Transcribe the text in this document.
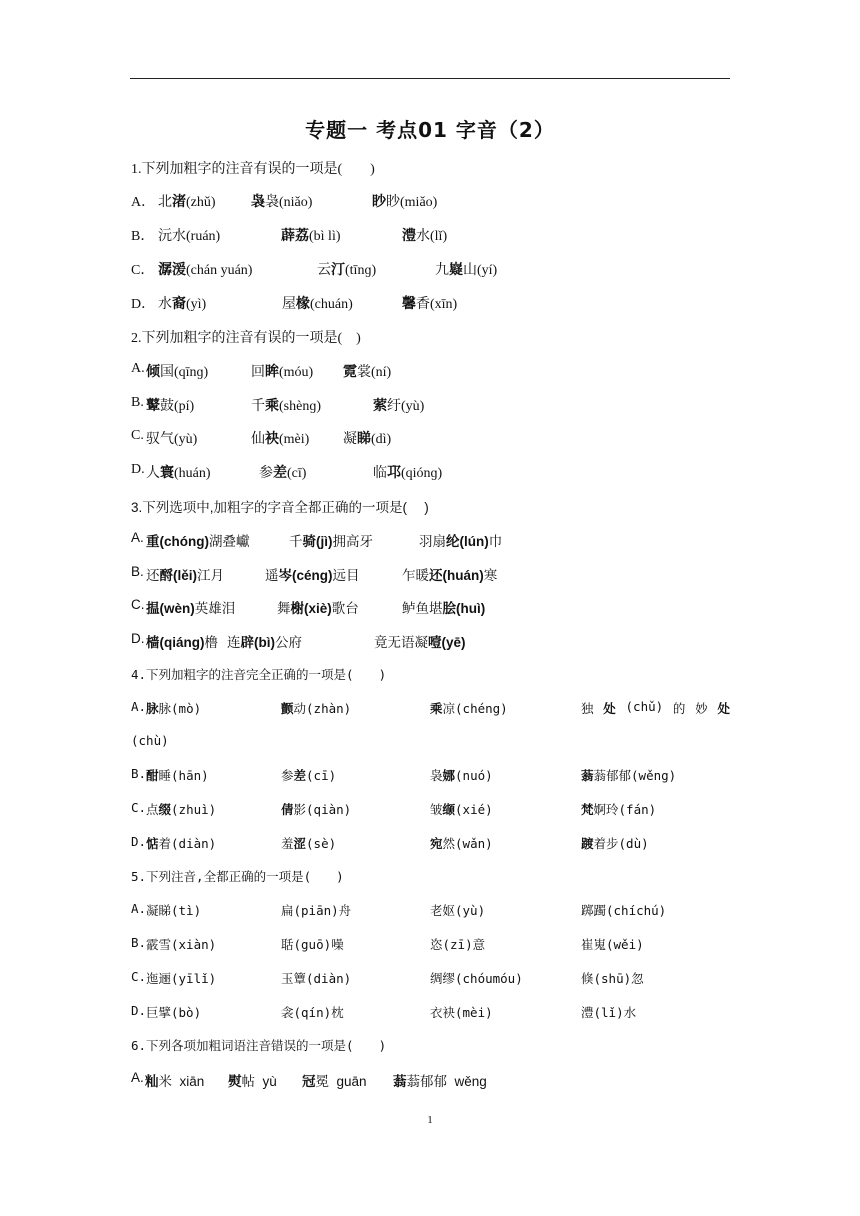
专题一 考点01 字音（2）
1.下列加粗字的注音有误的一项是(　　)
A． 北渚(zhǔ)	袅袅(niǎo)	眇眇(miǎo)
B． 沅水(ruán)	薜荔(bì lì)	澧水(lǐ)
C． 潺湲(chán yuán)	云汀(tīnɡ)	九嶷山(yí)
D． 水裔(yì)	屋椽(chuán)	馨香(xīn)
2.下列加粗字的注音有误的一项是(　)
A. 倾国(qīnɡ)	回眸(móu) 霓裳(ní)
B. 鼙鼓(pí)	千乘(shènɡ)	萦纡(yù)
C. 驭气(yù)	仙袂(mèi) 凝睇(dì)
D. 人寰(huán)	参差(cī)	临邛(qiónɡ)
3.下列选项中,加粗字的字音全都正确的一项是(　 )
A. 重(chóng)湖叠巘	千骑(jì)拥高牙	羽扇纶(lún)巾
B. 还酹(lěi)江月	遥岑(céng)远目	乍暖还(huán)寒
C. 揾(wèn)英雄泪	舞榭(xiè)歌台	鲈鱼堪脍(huì)
D. 樯(qiáng)橹 连辟(bì)公府	竟无语凝噎(yē)
4.下列加粗字的注音完全正确的一项是(　　)
A. 脉脉(mò)	颤动(zhàn)	乘凉(chéng)	独 处 (chǔ) 的 妙 处
(chù)
B. 酣睡(hān)	参差(cī)	袅娜(nuó)	蓊蓊郁郁(wěng)
C. 点缀(zhuì)	倩影(qiàn)	皱缬(xié)	梵婀玲(fán)
D. 惦着(diàn)	羞涩(sè)	宛然(wǎn)	踱着步(dù)
5.下列注音,全都正确的一项是(　　)
A. 凝睇(tì)	扁(piān)舟	老妪(yù)	踯躅(chíchú)
B. 霰雪(xiàn)	聒(guō)噪	恣(zī)意	崔嵬(wěi)
C. 迤逦(yīlǐ)	玉簟(diàn)	绸缪(chóumóu)	倏(shū)忽
D. 巨擘(bò)	衾(qín)枕	衣袂(mèi)	澧(lǐ)水
6.下列各项加粗词语注音错误的一项是(　　)
A. 籼米  xiān 熨帖  yù 冠冕  guān 蓊蓊郁郁  wěng
1
